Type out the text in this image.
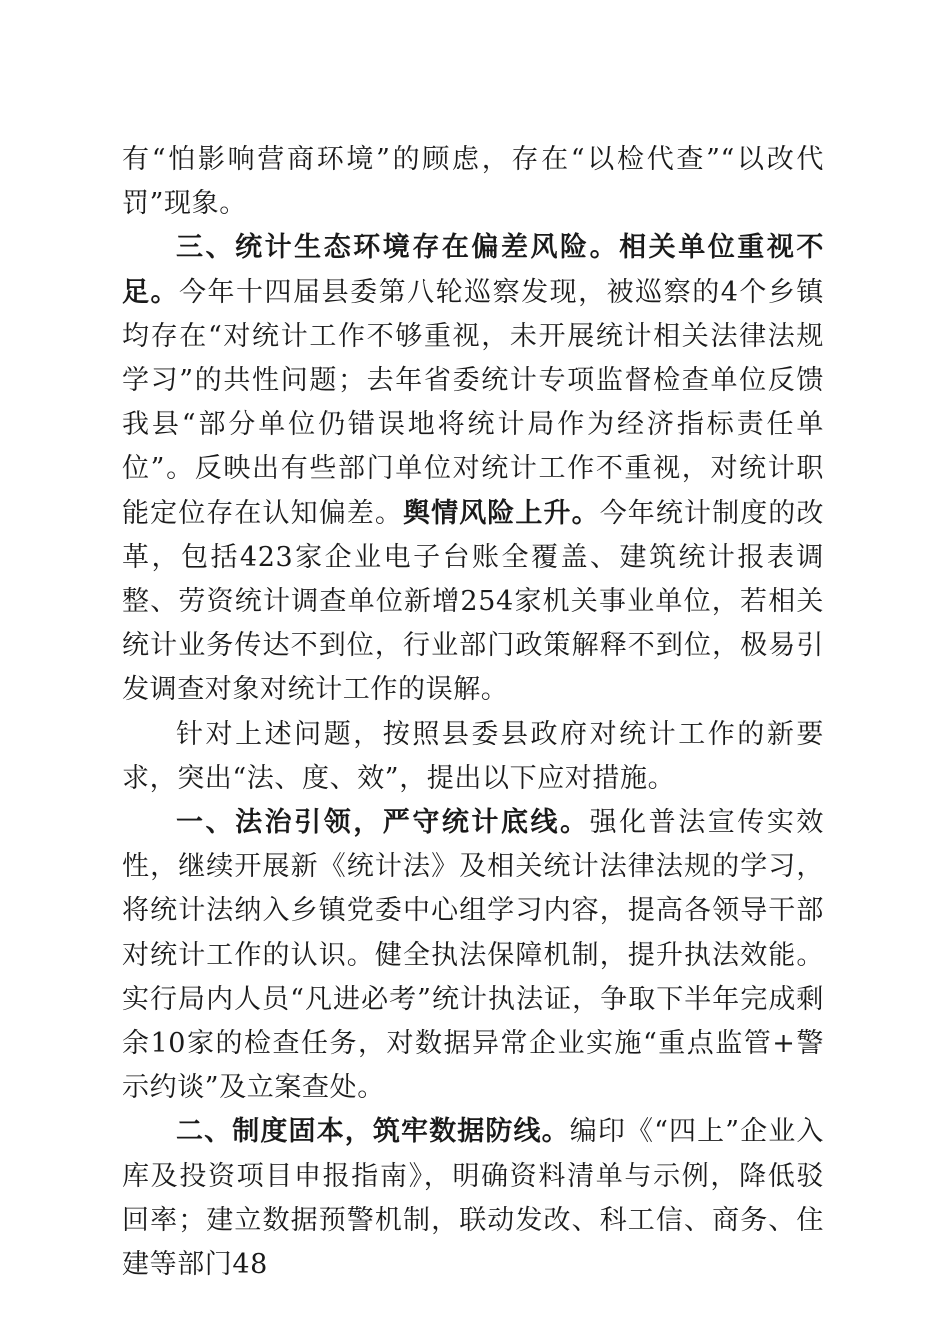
有“怕影响营商环境”的顾虑，存在“以检代查”“以改代罚”现象。

三、统计生态环境存在偏差风险。相关单位重视不足。今年十四届县委第八轮巡察发现，被巡察的4个乡镇均存在“对统计工作不够重视，未开展统计相关法律法规学习”的共性问题；去年省委统计专项监督检查单位反馈我县“部分单位仍错误地将统计局作为经济指标责任单位”。反映出有些部门单位对统计工作不重视，对统计职能定位存在认知偏差。舆情风险上升。今年统计制度的改革，包括423家企业电子台账全覆盖、建筑统计报表调整、劳资统计调查单位新增254家机关事业单位，若相关统计业务传达不到位，行业部门政策解释不到位，极易引发调查对象对统计工作的误解。

针对上述问题，按照县委县政府对统计工作的新要求，突出“法、度、效”，提出以下应对措施。

一、法治引领，严守统计底线。强化普法宣传实效性，继续开展新《统计法》及相关统计法律法规的学习，将统计法纳入乡镇党委中心组学习内容，提高各领导干部对统计工作的认识。健全执法保障机制，提升执法效能。实行局内人员“凡进必考”统计执法证，争取下半年完成剩余10家的检查任务，对数据异常企业实施“重点监管+警示约谈”及立案查处。

二、制度固本，筑牢数据防线。编印《“四上”企业入库及投资项目申报指南》，明确资料清单与示例，降低驳回率；建立数据预警机制，联动发改、科工信、商务、住建等部门48
